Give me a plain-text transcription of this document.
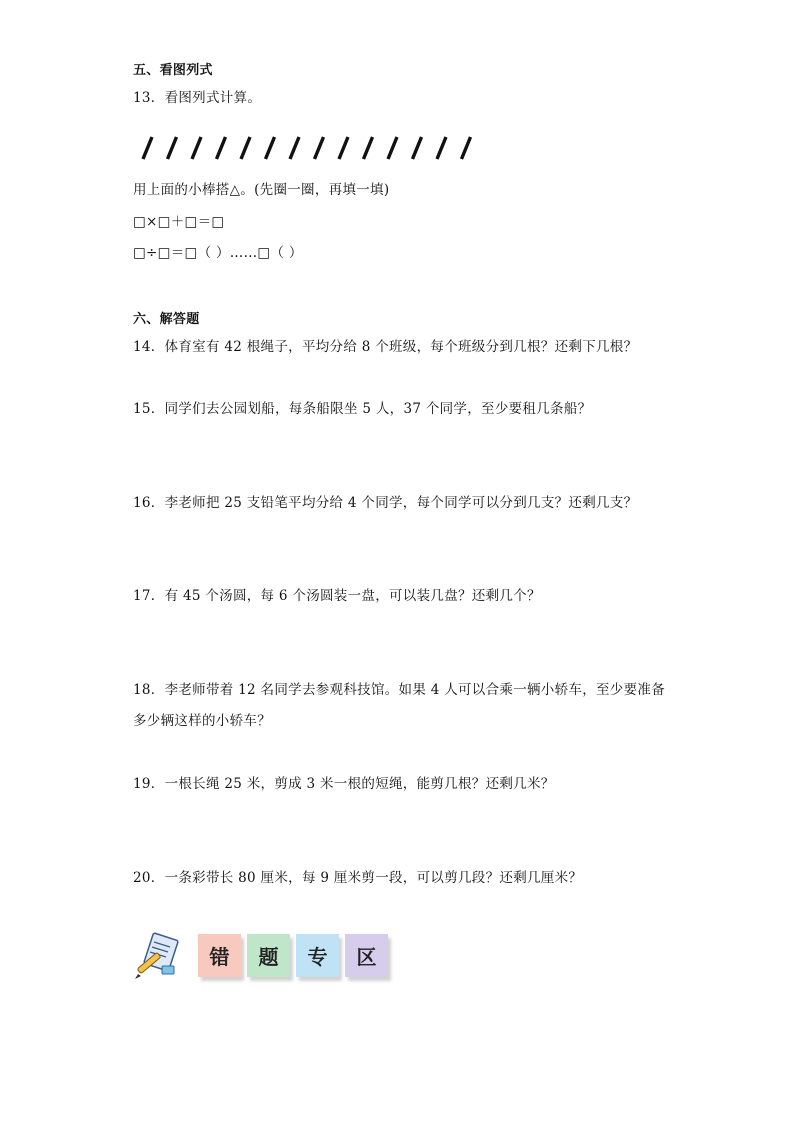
五、看图列式
13．看图列式计算。
用上面的小棒搭△。(先圈一圈，再填一填)
□×□＋□＝□
□÷□＝□（ ）……□（ ）
六、解答题
14．体育室有 42 根绳子，平均分给 8 个班级，每个班级分到几根？还剩下几根？
15．同学们去公园划船，每条船限坐 5 人，37 个同学，至少要租几条船？
16．李老师把 25 支铅笔平均分给 4 个同学，每个同学可以分到几支？还剩几支？
17．有 45 个汤圆，每 6 个汤圆装一盘，可以装几盘？还剩几个？
18．李老师带着 12 名同学去参观科技馆。如果 4 人可以合乘一辆小轿车，至少要准备
多少辆这样的小轿车？
19．一根长绳 25 米，剪成 3 米一根的短绳，能剪几根？还剩几米？
20．一条彩带长 80 厘米，每 9 厘米剪一段，可以剪几段？还剩几厘米？
错	题	专	区
